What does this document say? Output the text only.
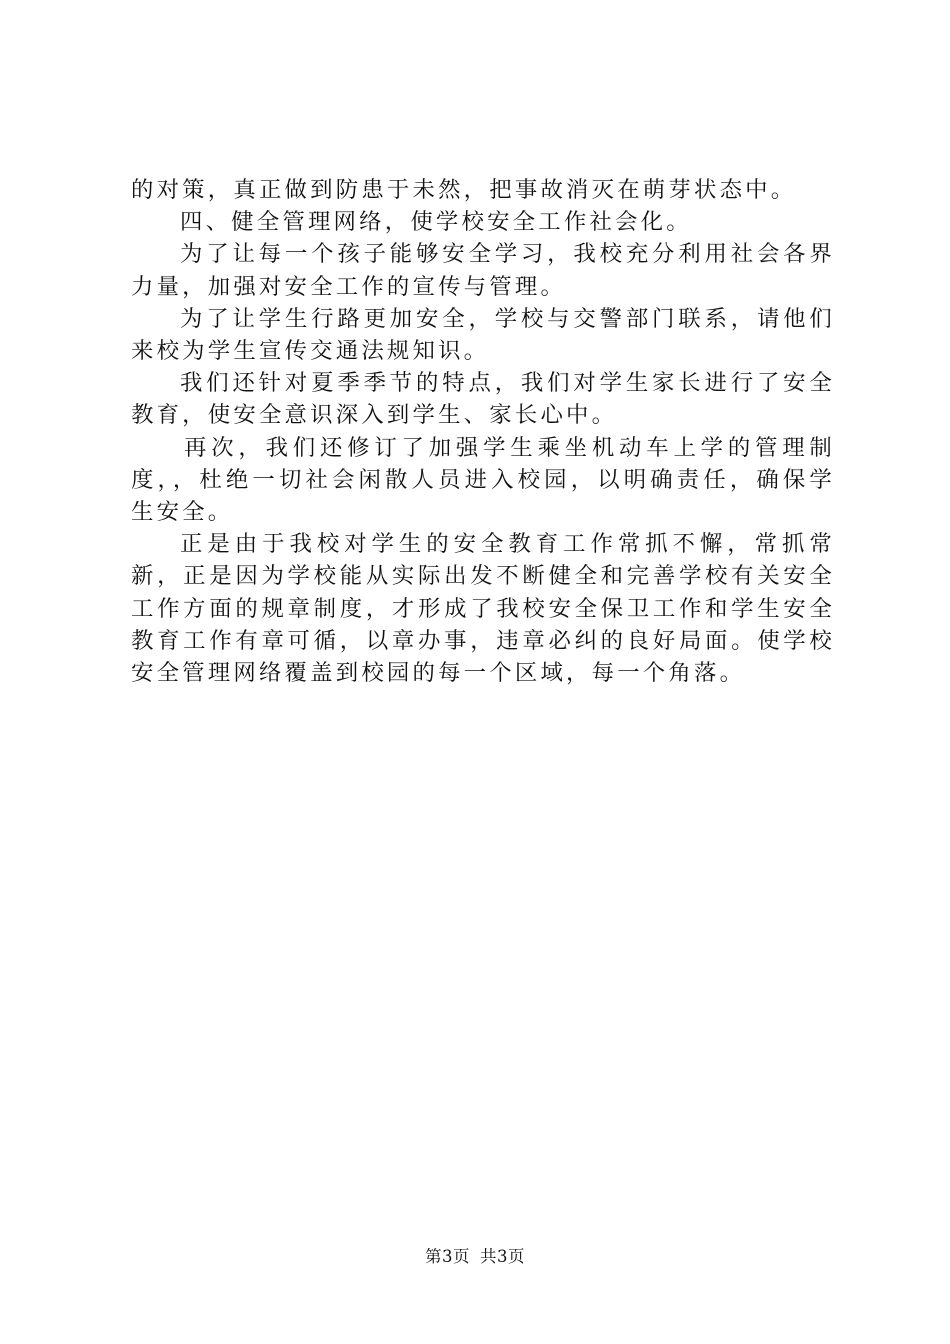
的对策，真正做到防患于未然，把事故消灭在萌芽状态中。

四、健全管理网络，使学校安全工作社会化。

为了让每一个孩子能够安全学习，我校充分利用社会各界力量，加强对安全工作的宣传与管理。

为了让学生行路更加安全，学校与交警部门联系，请他们来校为学生宣传交通法规知识。

我们还针对夏季季节的特点，我们对学生家长进行了安全教育，使安全意识深入到学生、家长心中。

再次，我们还修订了加强学生乘坐机动车上学的管理制度，，杜绝一切社会闲散人员进入校园，以明确责任，确保学生安全。

正是由于我校对学生的安全教育工作常抓不懈，常抓常新，正是因为学校能从实际出发不断健全和完善学校有关安全工作方面的规章制度，才形成了我校安全保卫工作和学生安全教育工作有章可循，以章办事，违章必纠的良好局面。使学校安全管理网络覆盖到校园的每一个区域，每一个角落。

第3页 共3页
